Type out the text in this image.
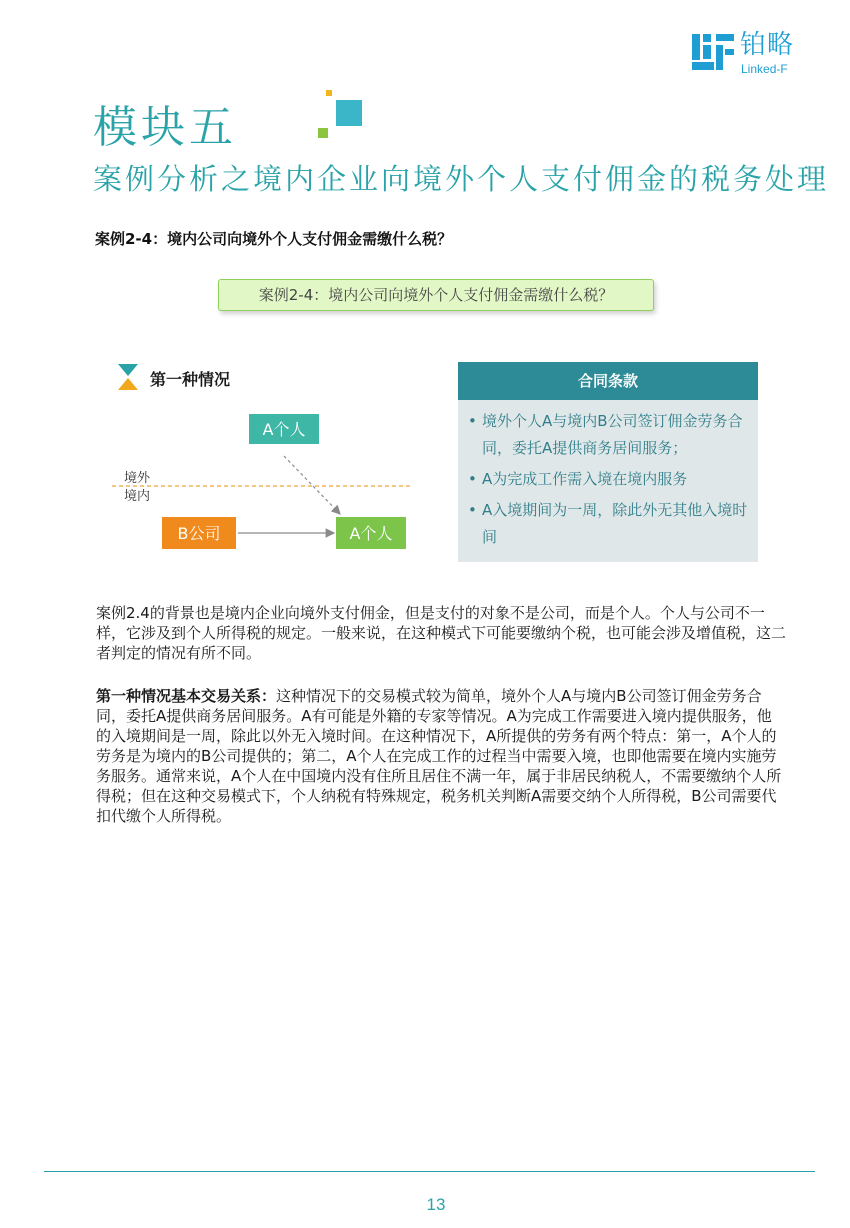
铂略
Linked-F
模块五
案例分析之境内企业向境外个人支付佣金的税务处理
案例2-4：境内公司向境外个人支付佣金需缴什么税？
案例2-4：境内公司向境外个人支付佣金需缴什么税？
第一种情况
A个人
境外
境内
B公司	A个人
合同条款
• 境外个人A与境内B公司签订佣金劳务合同，委托A提供商务居间服务；
• A为完成工作需入境在境内服务
• A入境期间为一周，除此外无其他入境时间

案例2.4的背景也是境内企业向境外支付佣金，但是支付的对象不是公司，而是个人。个人与公司不一样，它涉及到个人所得税的规定。一般来说，在这种模式下可能要缴纳个税，也可能会涉及增值税，这二者判定的情况有所不同。

第一种情况基本交易关系：这种情况下的交易模式较为简单，境外个人A与境内B公司签订佣金劳务合同，委托A提供商务居间服务。A有可能是外籍的专家等情况。A为完成工作需要进入境内提供服务，他的入境期间是一周，除此以外无入境时间。在这种情况下，A所提供的劳务有两个特点：第一，A个人的劳务是为境内的B公司提供的；第二，A个人在完成工作的过程当中需要入境，也即他需要在境内实施劳务服务。通常来说，A个人在中国境内没有住所且居住不满一年，属于非居民纳税人，不需要缴纳个人所得税；但在这种交易模式下，个人纳税有特殊规定，税务机关判断A需要交纳个人所得税，B公司需要代扣代缴个人所得税。

13
